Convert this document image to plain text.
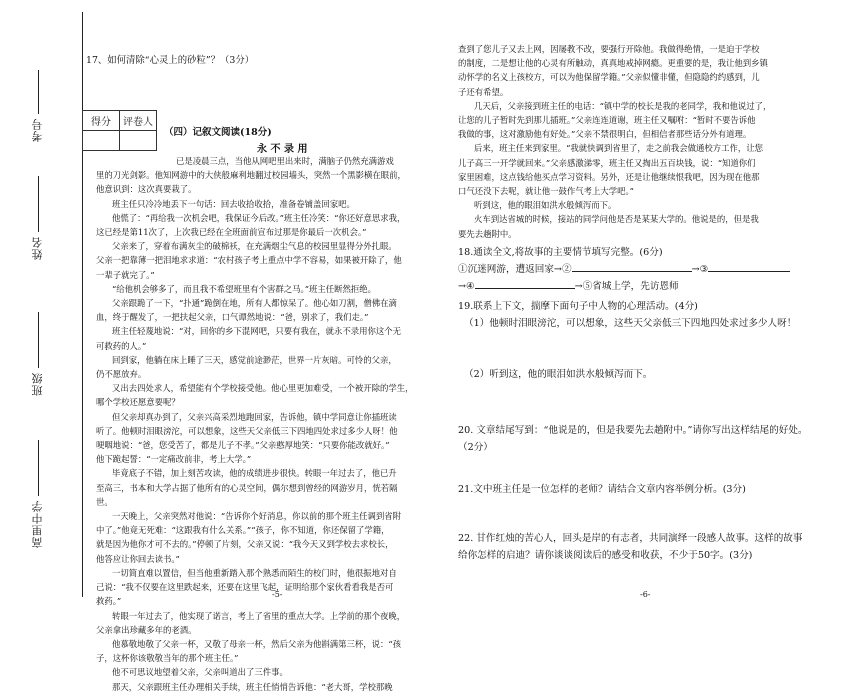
考号
姓名
班级
高里中学
17、如何清除“心灵上的砂粒”？（3分）
得分	评卷人

（四）记叙文阅读(18分)
永 不 录 用

已是凌晨三点，当他从网吧里出来时，满脑子仍然充满游戏

里的刀光剑影。他知网游中的大侠般麻利地翻过校园墙头，突然一个黑影横在眼前，

他意识到：这次真要栽了。

班主任只冷冷地丢下一句话：回去收拾收拾，准备卷铺盖回家吧。

他慌了：“再给我一次机会吧，我保证今后改。”班主任冷笑：“你还好意思求我，

这已经是第11次了，上次我已经在全班面前宣布过那是你最后一次机会。”

父亲来了，穿着布满灰尘的破棉袄，在充满烟尘气息的校园里显得分外扎眼。

父亲一把靠薄一把泪地求求道：“农村孩子考上重点中学不容易，如果被开除了，他

一辈子就完了。”

“给他机会够多了，而且我不希望班里有个害群之马。”班主任断然拒绝。

父亲跟跪了一下，“扑通”跪倒在地，所有人都惊呆了。他心如刀割，僧佛在滴

血，终于醒发了，一把扶起父亲，口气谭然地说：“爸，别求了，我们走。”

班主任轻蔑地说：“对，回你的乡下混网吧，只要有我在，就永不录用你这个无

可救药的人。”

回到家，他躺在床上睡了三天，感觉前途渺茫，世界一片灰暗。可怜的父亲，

仍不愿放弃。

又出去四处求人，希望能有个学校接受他。他心里更加难受，一个被开除的学生，

哪个学校还愿意要呢？

但父亲却真办到了，父亲兴高采烈地跑回家，告诉他，镇中学同意让你插班读

听了。他顿时泪眼滂沱，可以想象，这些天父亲低三下四地四处求过多少人呀！他

哽咽地说：“爸，您受苦了，都是儿子不孝。”父亲憨厚地笑：“只要你能改就好。”

他下跪起誓：“一定痛改前非，考上大学。”

毕竟底子不错，加上刻苦攻读，他的成绩进步很快。转眼一年过去了，他已升

至高三，书本和大学占据了他所有的心灵空间，偶尔想到曾经的网游岁月，恍若隔

世。

一天晚上，父亲突然对他说：“告诉你个好消息，你以前的那个班主任调到省附

中了。”他竟无死难：“这跟我有什么关系。”“孩子，你不知道，你还保留了学籍，

就是因为他你才可不去的。”停顿了片刻，父亲又说：“我今天又到学校去求校长，

他答应让你回去读书。”

一切简直难以置信，但当他重新踏入那个熟悉而陌生的校门时，他很振地对自

己说：“我不仅要在这里跌起来，还要在这里飞起，证明给那个家伙看看我是否可

救药。”

转眼一年过去了，他实现了诺言，考上了省里的重点大学。上学前的那个夜晚，

父亲拿出珍藏多年的老酒。

他慕敬地敬了父亲一杯，又敬了母亲一杯，然后父亲为他斟满第三杯，说：“孩

子，这杯你该敬敬当年的那个班主任。”

他不可思议地望着父亲，父亲叫道出了三件事。

那天，父亲跟班主任办理相关手续，班主任悄悄告诉他：“老大哥，学校那晚

-5-

查到了您儿子又去上网，因屡教不改，要强行开除他。我做得绝情，一是迫于学校

的制度，二是想让他的心灵有所触动，真真地戒掉网瘾。更重要的是，我让他到乡镇

动怀学的名义上孩校方，可以为他保留学籍。”父亲似懂非懂，但隐隐约约感到，儿

子还有希望。

几天后，父亲接到班主任的电话：“镇中学的校长是我的老同学，我和他说过了，

让您的儿子暂时先到那儿插班。”父亲连连道谢，班主任又嘱咐：“暂时不要告诉他

我做的事，这对激励他有好处。”父亲不禁很明白，但相信者那些话分外有道理。

后来，班主任来到家里。“我就快调到省里了，走之前我会做通校方工作，让您

儿子高三一开学就回来。”父亲感激涕零，班主任又掏出五百块钱，说：“知道你们

家里困难，这点钱给他买点学习资料。另外，还是让他继续恨我吧，因为现在他那

口气还没下去呢，就让他一鼓作气考上大学吧。”

听到这，他的眼泪如洪水般倾泻而下。

火车到达省城的时候，接站的同学问他是否是某某大学的。他说是的，但是我

要先去趟附中。

18.通读全文,将故事的主要情节填写完整。(6分)

①沉迷网游，遭返回家→②	→③

→④	→⑤省城上学，先访恩师

19.联系上下文，揣摩下面句子中人物的心理活动。(4分)

（1）他顿时泪眼滂沱，可以想象，这些天父亲低三下四地四处求过多少人呀！

（2）听到这，他的眼泪如洪水般倾泻而下。

20. 文章结尾写到：“他说是的，但是我要先去趟附中。”请你写出这样结尾的好处。

（2分）

21.文中班主任是一位怎样的老师？请结合文章内容举例分析。(3分)

22. 甘作红烛的苦心人，回头是岸的有志者，共同演绎一段感人故事。这样的故事

给你怎样的启迪？请你谈谈阅读后的感受和收获，不少于50字。(3分)

-6-
